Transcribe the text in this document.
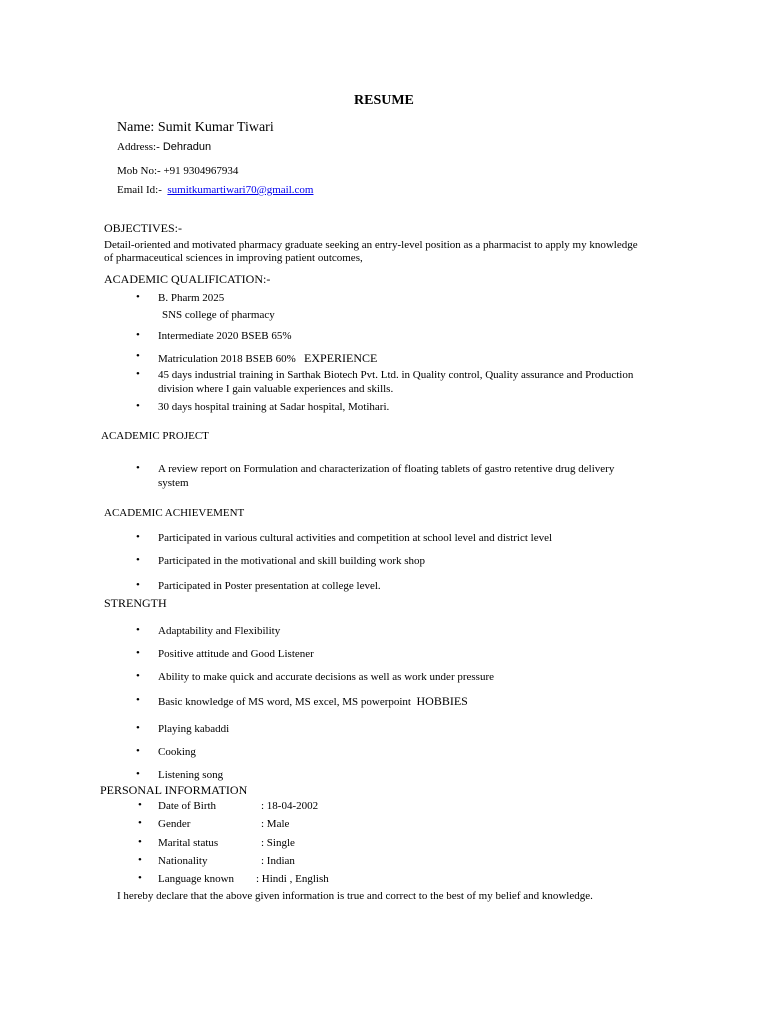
RESUME
Name: Sumit Kumar Tiwari
Address:- Dehradun
Mob No:- +91 9304967934
Email Id:- sumitkumartiwari70@gmail.com
OBJECTIVES:-
Detail-oriented and motivated pharmacy graduate seeking an entry-level position as a pharmacist to apply my knowledge
of pharmaceutical sciences in improving patient outcomes,
ACADEMIC QUALIFICATION:-
• B. Pharm 2025
SNS college of pharmacy
• Intermediate 2020 BSEB 65%
• Matriculation 2018 BSEB 60% EXPERIENCE
• 45 days industrial training in Sarthak Biotech Pvt. Ltd. in Quality control, Quality assurance and Production
division where I gain valuable experiences and skills.
• 30 days hospital training at Sadar hospital, Motihari.
ACADEMIC PROJECT
• A review report on Formulation and characterization of floating tablets of gastro retentive drug delivery
system
ACADEMIC ACHIEVEMENT
• Participated in various cultural activities and competition at school level and district level
• Participated in the motivational and skill building work shop
• Participated in Poster presentation at college level.
STRENGTH
• Adaptability and Flexibility
• Positive attitude and Good Listener
• Ability to make quick and accurate decisions as well as work under pressure
• Basic knowledge of MS word, MS excel, MS powerpoint HOBBIES
• Playing kabaddi
• Cooking
• Listening song
PERSONAL INFORMATION
• Date of Birth	: 18-04-2002
• Gender	: Male
• Marital status	: Single
• Nationality	: Indian
• Language known : Hindi , English
I hereby declare that the above given information is true and correct to the best of my belief and knowledge.
